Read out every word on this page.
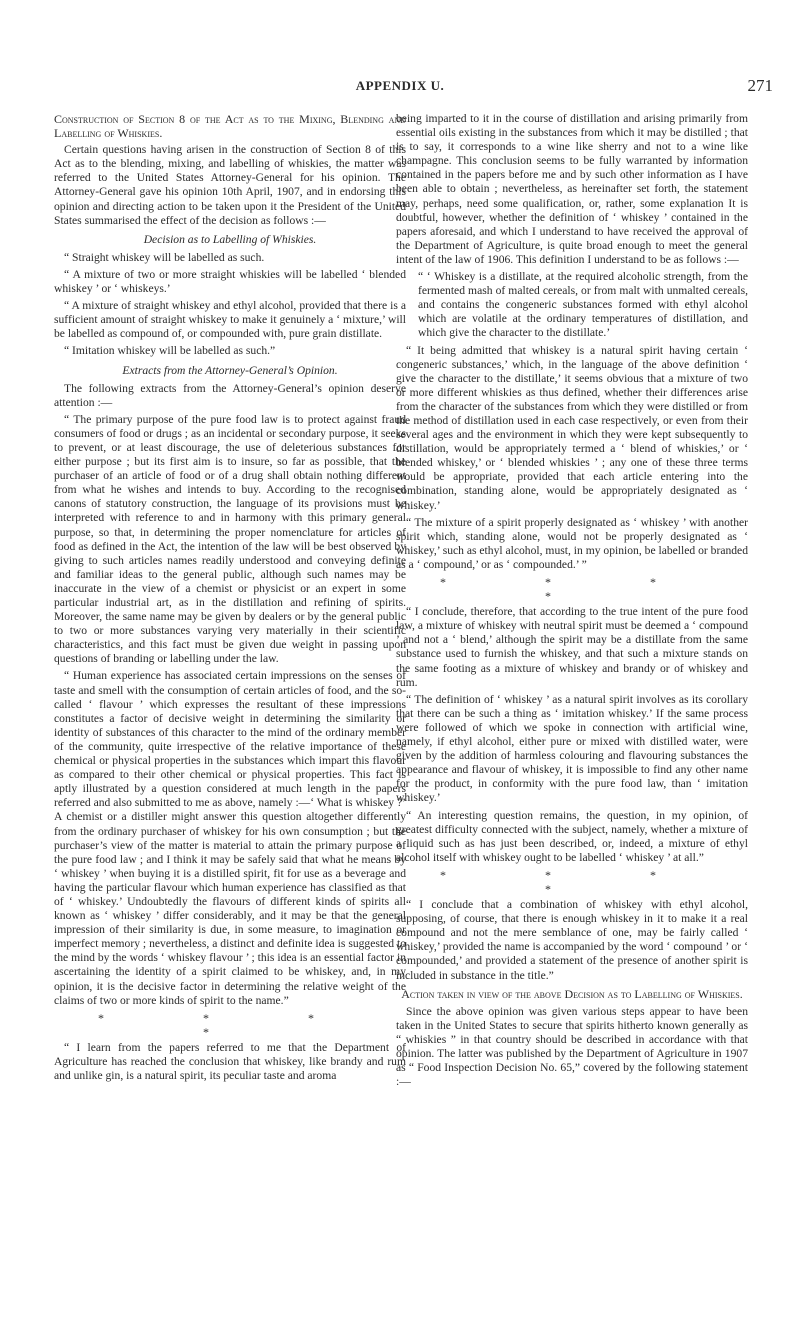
APPENDIX U.	271

Construction of Section 8 of the Act as to the Mixing, Blending and Labelling of Whiskies.

Certain questions having arisen in the construction of Section 8 of this Act as to the blending, mixing, and labelling of whiskies, the matter was referred to the United States Attorney-General for his opinion. The Attorney-General gave his opinion 10th April, 1907, and in endorsing this opinion and directing action to be taken upon it the President of the United States summarised the effect of the decision as follows :—

Decision as to Labelling of Whiskies.

“ Straight whiskey will be labelled as such.

“ A mixture of two or more straight whiskies will be labelled ‘ blended whiskey ’ or ‘ whiskeys.’

“ A mixture of straight whiskey and ethyl alcohol, provided that there is a sufficient amount of straight whiskey to make it genuinely a ‘ mixture,’ will be labelled as compound of, or compounded with, pure grain distillate.

“ Imitation whiskey will be labelled as such.”

Extracts from the Attorney-General’s Opinion.

The following extracts from the Attorney-General’s opinion deserve attention :—

“ The primary purpose of the pure food law is to protect against fraud consumers of food or drugs ; as an incidental or secondary purpose, it seeks to prevent, or at least discourage, the use of deleterious substances for either purpose ; but its first aim is to insure, so far as possible, that the purchaser of an article of food or of a drug shall obtain nothing different from what he wishes and intends to buy. According to the recognised canons of statutory construction, the language of its provisions must be interpreted with reference to and in harmony with this primary general purpose, so that, in determining the proper nomenclature for articles of food as defined in the Act, the intention of the law will be best observed by giving to such articles names readily understood and conveying definite and familiar ideas to the general public, although such names may be inaccurate in the view of a chemist or physicist or an expert in some particular industrial art, as in the distillation and refining of spirits. Moreover, the same name may be given by dealers or by the general public to two or more substances varying very materially in their scientific characteristics, and this fact must be given due weight in passing upon questions of branding or labelling under the law.

“ Human experience has associated certain impressions on the senses of taste and smell with the consumption of certain articles of food, and the so-called ‘ flavour ’ which expresses the resultant of these impressions constitutes a factor of decisive weight in determining the similarity or identity of substances of this character to the mind of the ordinary member of the community, quite irrespective of the relative importance of these chemical or physical properties in the substances which impart this flavour as compared to their other chemical or physical properties. This fact is aptly illustrated by a question considered at much length in the papers referred and also submitted to me as above, namely :—‘ What is whiskey ?’ A chemist or a distiller might answer this question altogether differently from the ordinary purchaser of whiskey for his own consumption ; but the purchaser’s view of the matter is material to attain the primary purpose of the pure food law ; and I think it may be safely said that what he means by ‘ whiskey ’ when buying it is a distilled spirit, fit for use as a beverage and having the particular flavour which human experience has classified as that of ‘ whiskey.’ Undoubtedly the flavours of different kinds of spirits all known as ‘ whiskey ’ differ considerably, and it may be that the general impression of their similarity is due, in some measure, to imagination or imperfect memory ; nevertheless, a distinct and definite idea is suggested to the mind by the words ‘ whiskey flavour ’ ; this idea is an essential factor in ascertaining the identity of a spirit claimed to be whiskey, and, in my opinion, it is the decisive factor in determining the relative weight of the claims of two or more kinds of spirit to the name.”

* * * *

“ I learn from the papers referred to me that the Department of Agriculture has reached the conclusion that whiskey, like brandy and rum and unlike gin, is a natural spirit, its peculiar taste and aroma

being imparted to it in the course of distillation and arising primarily from essential oils existing in the substances from which it may be distilled ; that is to say, it corresponds to a wine like sherry and not to a wine like champagne. This conclusion seems to be fully warranted by information contained in the papers before me and by such other information as I have been able to obtain ; nevertheless, as hereinafter set forth, the statement may, perhaps, need some qualification, or, rather, some explanation It is doubtful, however, whether the definition of ‘ whiskey ’ contained in the papers aforesaid, and which I understand to have received the approval of the Department of Agriculture, is quite broad enough to meet the general intent of the law of 1906. This definition I understand to be as follows :—

“ ‘ Whiskey is a distillate, at the required alcoholic strength, from the fermented mash of malted cereals, or from malt with unmalted cereals, and contains the congeneric substances formed with ethyl alcohol which are volatile at the ordinary temperatures of distillation, and which give the character to the distillate.’

“ It being admitted that whiskey is a natural spirit having certain ‘ congeneric substances,’ which, in the language of the above definition ‘ give the character to the distillate,’ it seems obvious that a mixture of two or more different whiskies as thus defined, whether their differences arise from the character of the substances from which they were distilled or from the method of distillation used in each case respectively, or even from their several ages and the environment in which they were kept subsequently to distillation, would be appropriately termed a ‘ blend of whiskies,’ or ‘ blended whiskey,’ or ‘ blended whiskies ’ ; any one of these three terms would be appropriate, provided that each article entering into the combination, standing alone, would be appropriately designated as ‘ whiskey.’

“ The mixture of a spirit properly designated as ‘ whiskey ’ with another spirit which, standing alone, would not be properly designated as ‘ whiskey,’ such as ethyl alcohol, must, in my opinion, be labelled or branded as a ‘ compound,’ or as ‘ compounded.’ ”

* * * *

“ I conclude, therefore, that according to the true intent of the pure food law, a mixture of whiskey with neutral spirit must be deemed a ‘ compound ’ and not a ‘ blend,’ although the spirit may be a distillate from the same substance used to furnish the whiskey, and that such a mixture stands on the same footing as a mixture of whiskey and brandy or of whiskey and rum.

“ The definition of ‘ whiskey ’ as a natural spirit involves as its corollary that there can be such a thing as ‘ imitation whiskey.’ If the same process were followed of which we spoke in connection with artificial wine, namely, if ethyl alcohol, either pure or mixed with distilled water, were given by the addition of harmless colouring and flavouring substances the appearance and flavour of whiskey, it is impossible to find any other name for the product, in conformity with the pure food law, than ‘ imitation whiskey.’

“ An interesting question remains, the question, in my opinion, of greatest difficulty connected with the subject, namely, whether a mixture of a liquid such as has just been described, or, indeed, a mixture of ethyl alcohol itself with whiskey ought to be labelled ‘ whiskey ’ at all.”

* * * *

“ I conclude that a combination of whiskey with ethyl alcohol, supposing, of course, that there is enough whiskey in it to make it a real compound and not the mere semblance of one, may be fairly called ‘ whiskey,’ provided the name is accompanied by the word ‘ compound ’ or ‘ compounded,’ and provided a statement of the presence of another spirit is included in substance in the title.”

Action taken in view of the above Decision as to Labelling of Whiskies.

Since the above opinion was given various steps appear to have been taken in the United States to secure that spirits hitherto known generally as “ whiskies ” in that country should be described in accordance with that opinion. The latter was published by the Department of Agriculture in 1907 as “ Food Inspection Decision No. 65,” covered by the following statement :—
